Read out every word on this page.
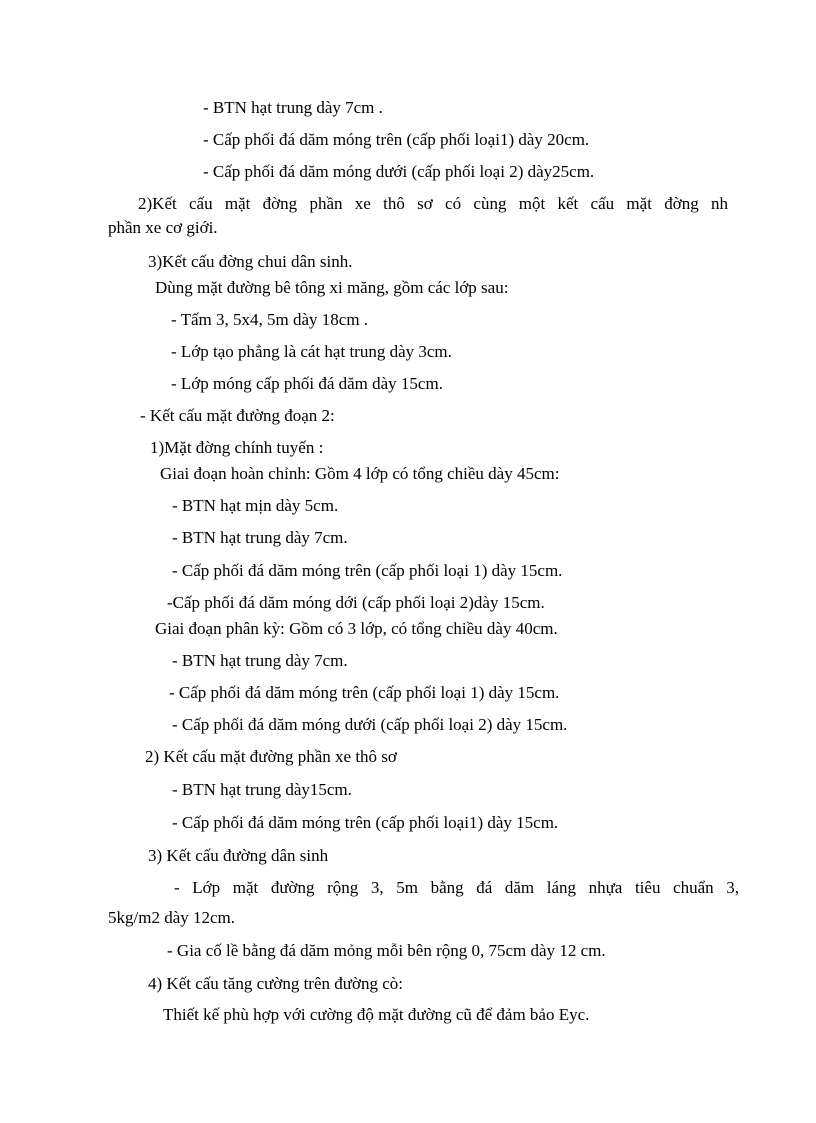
- BTN hạt trung dày 7cm .
- Cấp phối đá dăm móng trên (cấp phối loại1) dày 20cm.
- Cấp phối đá dăm móng dưới (cấp phối loại 2) dày25cm.
2)Kết cấu mặt đờng phần xe thô sơ có cùng một kết cấu mặt đờng nh
phần xe cơ giới.
3)Kết cấu đờng chui dân sinh.
Dùng mặt đường bê tông xi măng, gồm các lớp sau:
- Tấm 3, 5x4, 5m dày 18cm .
- Lớp tạo phẳng là cát hạt trung dày 3cm.
- Lớp móng cấp phối đá dăm dày 15cm.
- Kết cấu mặt đường đoạn 2:
1)Mặt đờng chính tuyến :
Giai đoạn hoàn chỉnh: Gồm 4 lớp có tổng chiều dày 45cm:
- BTN hạt mịn dày 5cm.
- BTN hạt trung dày 7cm.
- Cấp phối đá dăm móng trên (cấp phối loại 1) dày 15cm.
-Cấp phối đá dăm móng dới (cấp phối loại 2)dày 15cm.
Giai đoạn phân kỳ: Gồm có 3 lớp, có tổng chiều dày 40cm.
- BTN hạt trung dày 7cm.
- Cấp phối đá dăm móng trên (cấp phối loại 1) dày 15cm.
- Cấp phối đá dăm móng dưới (cấp phối loại 2) dày 15cm.
2) Kết cấu mặt đường phần xe thô sơ
- BTN hạt trung dày15cm.
- Cấp phối đá dăm móng trên (cấp phối loại1) dày 15cm.
3) Kết cấu đường dân sinh
- Lớp mặt đường rộng 3, 5m bằng đá dăm láng nhựa tiêu chuẩn 3,
5kg/m2 dày 12cm.
- Gia cố lề bằng đá dăm mỏng mỗi bên rộng 0, 75cm dày 12 cm.
4) Kết cấu tăng cường trên đường cò:
Thiết kế phù hợp với cường độ mặt đường cũ để đảm bảo Eyc.
